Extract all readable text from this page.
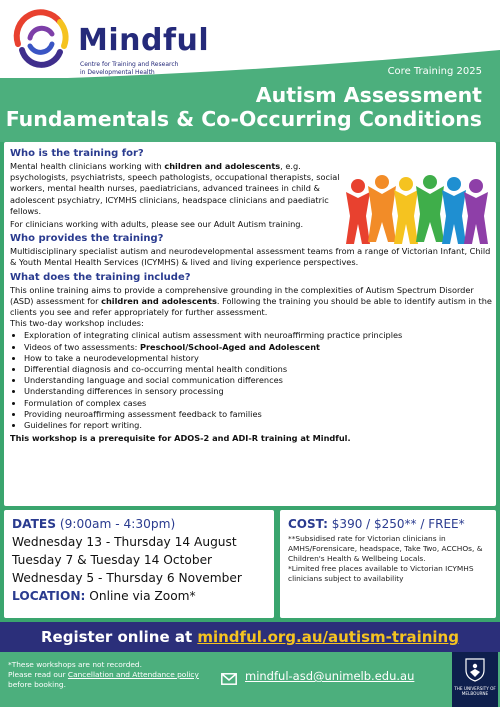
Mindful
Centre for Training and Research
in Developmental Health	Core Training 2025
Autism Assessment
Fundamentals & Co-Occurring Conditions
Who is the training for?

Mental health clinicians working with children and adolescents, e.g. psychologists, psychiatrists, speech pathologists, occupational therapists, social workers, mental health nurses, paediatricians, advanced trainees in child & adolescent psychiatry, ICYMHS clinicians, headspace clinicians and paediatric fellows.

For clinicians working with adults, please see our Adult Autism training.

Who provides the training?

Multidisciplinary specialist autism and neurodevelopmental assessment teams from a range of Victorian Infant, Child & Youth Mental Health Services (ICYMHS) & lived and living experience perspectives.

What does the training include?

This online training aims to provide a comprehensive grounding in the complexities of Autism Spectrum Disorder (ASD) assessment for children and adolescents. Following the training you should be able to identify autism in the clients you see and refer appropriately for further assessment.

This two-day workshop includes:

• Exploration of integrating clinical autism assessment with neuroaffirming practice principles
• Videos of two assessments: Preschool/School-Aged and Adolescent
• How to take a neurodevelopmental history
• Differential diagnosis and co-occurring mental health conditions
• Understanding language and social communication differences
• Understanding differences in sensory processing
• Formulation of complex cases
• Providing neuroaffirming assessment feedback to families
• Guidelines for report writing.

This workshop is a prerequisite for ADOS-2 and ADI-R training at Mindful.

DATES (9:00am - 4:30pm)
Wednesday 13 - Thursday 14 August
Tuesday 7 & Tuesday 14 October
Wednesday 5 - Thursday 6 November
LOCATION: Online via Zoom*
COST: $390 / $250** / FREE*
**Subsidised rate for Victorian clinicians in AMHS/Forensicare, headspace, Take Two, ACCHOs, & Children's Health & Wellbeing Locals.
*Limited free places available to Victorian ICYMHS clinicians subject to availability
Register online at mindful.org.au/autism-training
*These workshops are not recorded.
Please read our Cancellation and Attendance policy before booking.
mindful-asd@unimelb.edu.au
THE UNIVERSITY OF
MELBOURNE
